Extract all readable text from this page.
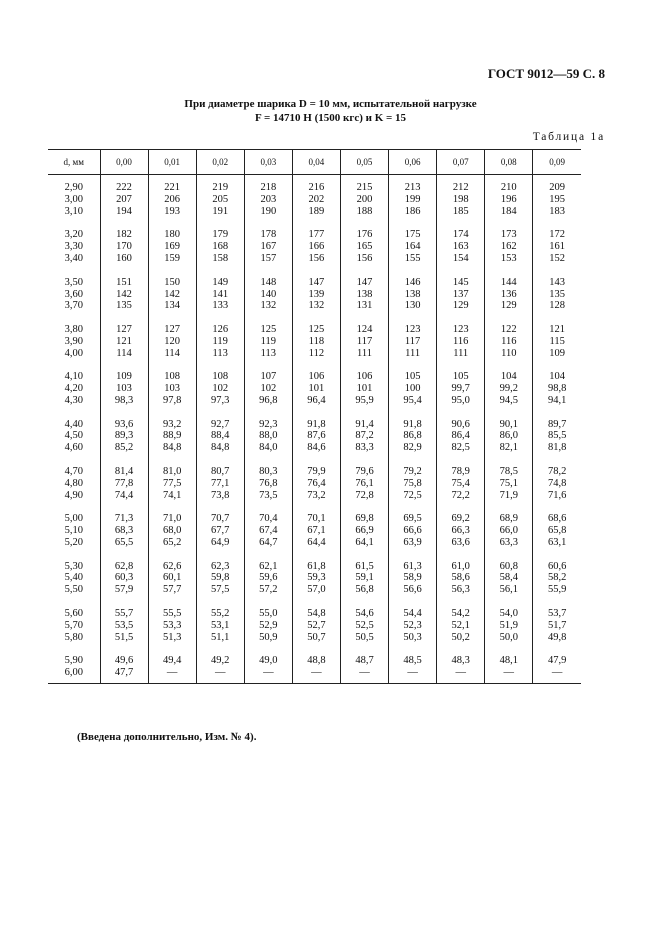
ГОСТ 9012—59 С. 8
При диаметре шарика D = 10 мм, испытательной нагрузке
F = 14710 Н (1500 кгс) и K = 15
Таблица 1а
d, мм	0,00	0,01	0,02	0,03	0,04	0,05	0,06	0,07	0,08	0,09

2,90	222	221	219	218	216	215	213	212	210	209
3,00	207	206	205	203	202	200	199	198	196	195
3,10	194	193	191	190	189	188	186	185	184	183

3,20	182	180	179	178	177	176	175	174	173	172
3,30	170	169	168	167	166	165	164	163	162	161
3,40	160	159	158	157	156	156	155	154	153	152

3,50	151	150	149	148	147	147	146	145	144	143
3,60	142	142	141	140	139	138	138	137	136	135
3,70	135	134	133	132	132	131	130	129	129	128

3,80	127	127	126	125	125	124	123	123	122	121
3,90	121	120	119	119	118	117	117	116	116	115
4,00	114	114	113	113	112	111	111	111	110	109

4,10	109	108	108	107	106	106	105	105	104	104
4,20	103	103	102	102	101	101	100	99,7	99,2	98,8
4,30	98,3	97,8	97,3	96,8	96,4	95,9	95,4	95,0	94,5	94,1

4,40	93,6	93,2	92,7	92,3	91,8	91,4	91,8	90,6	90,1	89,7
4,50	89,3	88,9	88,4	88,0	87,6	87,2	86,8	86,4	86,0	85,5
4,60	85,2	84,8	84,8	84,0	84,6	83,3	82,9	82,5	82,1	81,8

4,70	81,4	81,0	80,7	80,3	79,9	79,6	79,2	78,9	78,5	78,2
4,80	77,8	77,5	77,1	76,8	76,4	76,1	75,8	75,4	75,1	74,8
4,90	74,4	74,1	73,8	73,5	73,2	72,8	72,5	72,2	71,9	71,6

5,00	71,3	71,0	70,7	70,4	70,1	69,8	69,5	69,2	68,9	68,6
5,10	68,3	68,0	67,7	67,4	67,1	66,9	66,6	66,3	66,0	65,8
5,20	65,5	65,2	64,9	64,7	64,4	64,1	63,9	63,6	63,3	63,1

5,30	62,8	62,6	62,3	62,1	61,8	61,5	61,3	61,0	60,8	60,6
5,40	60,3	60,1	59,8	59,6	59,3	59,1	58,9	58,6	58,4	58,2
5,50	57,9	57,7	57,5	57,2	57,0	56,8	56,6	56,3	56,1	55,9

5,60	55,7	55,5	55,2	55,0	54,8	54,6	54,4	54,2	54,0	53,7
5,70	53,5	53,3	53,1	52,9	52,7	52,5	52,3	52,1	51,9	51,7
5,80	51,5	51,3	51,1	50,9	50,7	50,5	50,3	50,2	50,0	49,8

5,90	49,6	49,4	49,2	49,0	48,8	48,7	48,5	48,3	48,1	47,9
6,00	47,7	—	—	—	—	—	—	—	—	—

(Введена дополнительно, Изм. № 4).
